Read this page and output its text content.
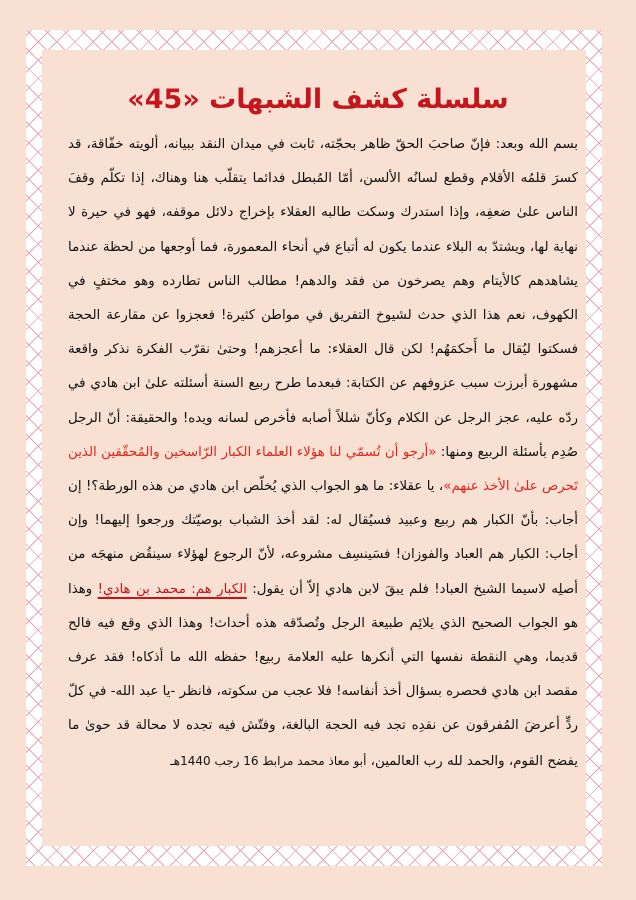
سلسلة كشف الشبهات «45»

بسم الله وبعد: فإنّ صاحبَ الحقّ ظاهر بحجّته، ثابت في ميدان النقد ببيانه، ألويته خفّاقة، قد كسرَ قلمُه الأقلام وقطع لسانُه الألسن، أمّا المُبطل فدائما يتقلّب هنا وهناك، إذا تكلّم وقفَ الناس علىٰ ضعفِه، وإذا استدرك وسكت طالبه العقلاء بإخراج دلائل موقفه، فهو في حيرة لا نهاية لها، ويشتدّ به البلاء عندما يكون له أتباع في أنحاء المعمورة، فما أوجعها من لحظة عندما يشاهدهم كالأيتام وهم يصرخون من فقد والدهم! مطالب الناس تطارده وهو مختفٍ في الكهوف، نعم هذا الذي حدث لشيوخ التفريق في مواطن كثيرة! فعجزوا عن مقارعة الحجة فسكتوا ليُقال ما أَحكمَهُم! لكن قال العقلاء: ما أعجزهم! وحتىٰ نقرّب الفكرة نذكر واقعة مشهورة أبرزت سبب عزوفهم عن الكتابة: فبعدما طرح ربيع السنة أسئلته علىٰ ابن هادي في ردّه عليه، عجز الرجل عن الكلام وكأنّ شللاً أصابه فأخرص لسانه ويده! والحقيقة: أنّ الرجل صُدِم بأسئلة الربيع ومنها: «أرجو أن تُسمّي لنا هؤلاء العلماء الكبار الرّاسخين والمُحقّقين الذين تَحرص علىٰ الأخذ عنهم»، يا عقلاء: ما هو الجواب الذي يُخلّص ابن هادي من هذه الورطة؟! إن أجاب: بأنّ الكبار هم ربيع وعبيد فسيُقال له: لقد أخذ الشباب بوصيّتك ورجعوا إليهما! وإن أجاب: الكبار هم العباد والفوزان! فسَينسِف مشروعه، لأنّ الرجوع لهؤلاء سينقُض منهجَه من أصلِه لاسيما الشيخ العباد! فلم يبقَ لابن هادي إلاّ أن يقول: الكبار هم: محمد بن هادي! وهذا هو الجواب الصحيح الذي يلائِم طبيعة الرجل وتُصدّقه هذه أحداث! وهذا الذي وقع فيه فالح قديما، وهي النقطة نفسها التي أنكرها عليه العلامة ربيع! حفظه الله ما أذكاه! فقد عرف مقصد ابن هادي فحصره بسؤال أخذ أنفاسه! فلا عجب من سكوته، فانظر -يا عبد الله- في كلّ ردٍّ أعرضَ المُفرقون عن نقدِه تجد فيه الحجة البالغة، وفتّش فيه تجده لا محالة قد حوىٰ ما يفضح القوم، والحمد لله رب العالمين، أبو معاذ محمد مرابط 16 رجب 1440هـ
